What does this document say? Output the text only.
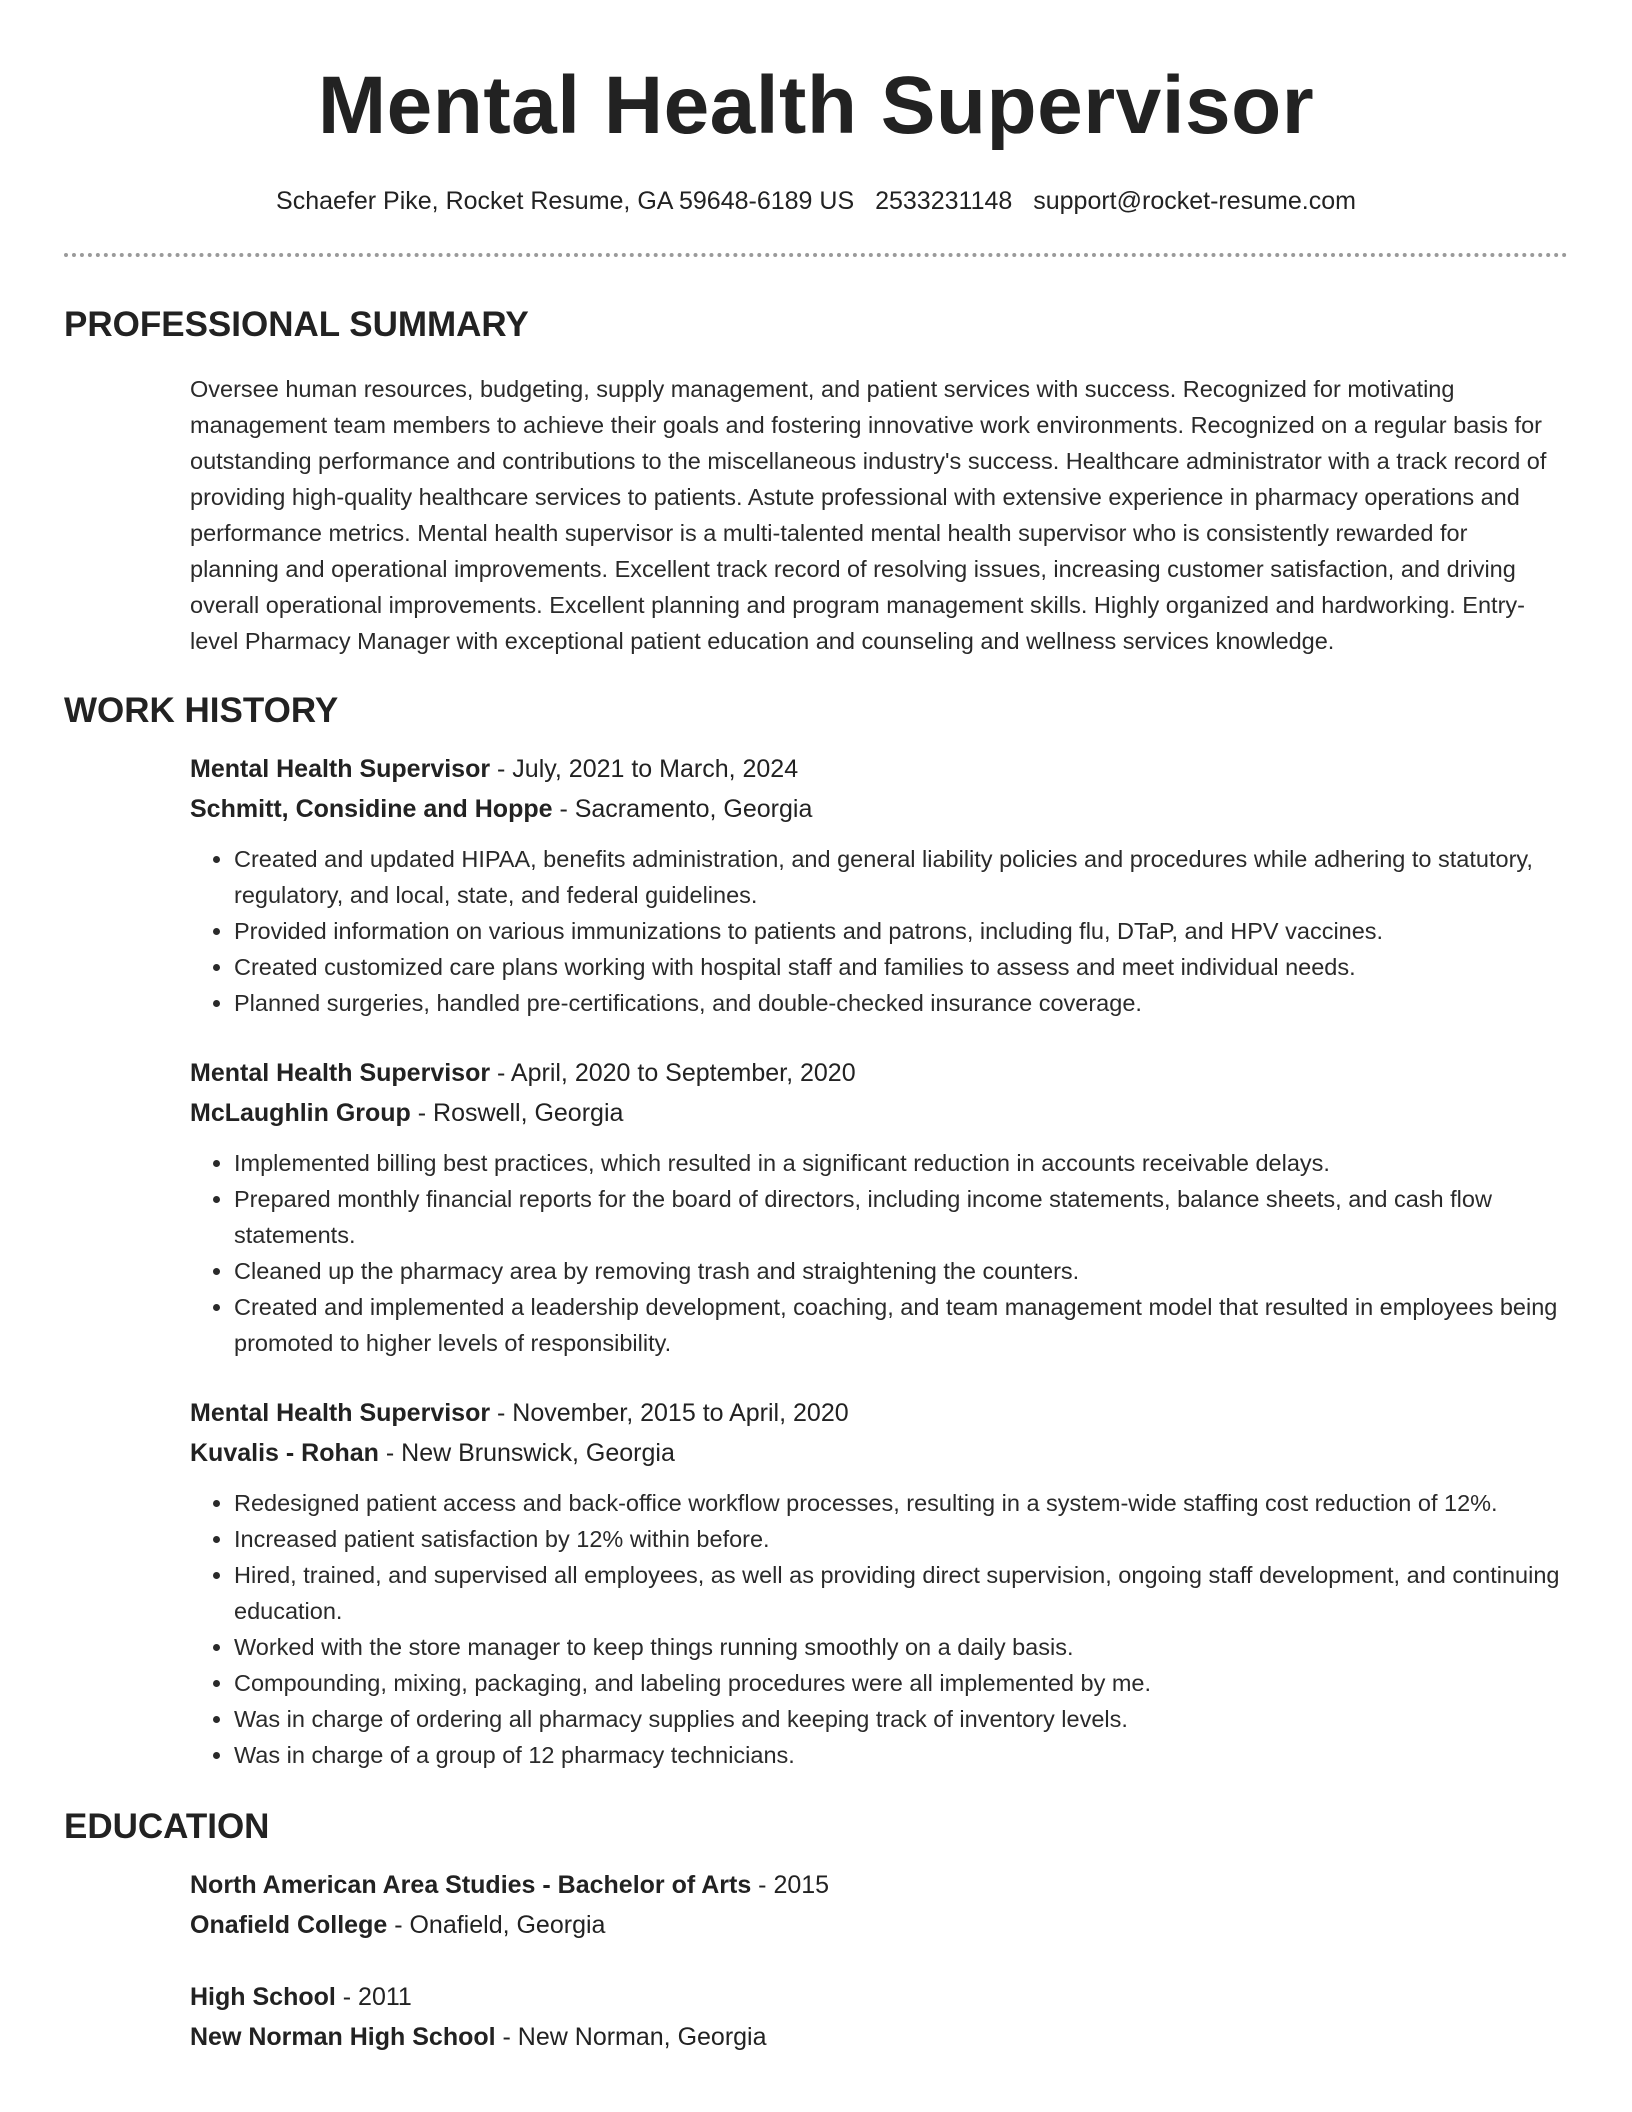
Mental Health Supervisor
Schaefer Pike, Rocket Resume, GA 59648-6189 US 2533231148 support@rocket-resume.com
PROFESSIONAL SUMMARY

Oversee human resources, budgeting, supply management, and patient services with success. Recognized for motivating management team members to achieve their goals and fostering innovative work environments. Recognized on a regular basis for outstanding performance and contributions to the miscellaneous industry's success. Healthcare administrator with a track record of providing high-quality healthcare services to patients. Astute professional with extensive experience in pharmacy operations and performance metrics. Mental health supervisor is a multi-talented mental health supervisor who is consistently rewarded for planning and operational improvements. Excellent track record of resolving issues, increasing customer satisfaction, and driving overall operational improvements. Excellent planning and program management skills. Highly organized and hardworking. Entry-level Pharmacy Manager with exceptional patient education and counseling and wellness services knowledge.

WORK HISTORY
Mental Health Supervisor - July, 2021 to March, 2024
Schmitt, Considine and Hoppe - Sacramento, Georgia
• Created and updated HIPAA, benefits administration, and general liability policies and procedures while adhering to statutory, regulatory, and local, state, and federal guidelines.
• Provided information on various immunizations to patients and patrons, including flu, DTaP, and HPV vaccines.
• Created customized care plans working with hospital staff and families to assess and meet individual needs.
• Planned surgeries, handled pre-certifications, and double-checked insurance coverage.
Mental Health Supervisor - April, 2020 to September, 2020
McLaughlin Group - Roswell, Georgia
• Implemented billing best practices, which resulted in a significant reduction in accounts receivable delays.
• Prepared monthly financial reports for the board of directors, including income statements, balance sheets, and cash flow statements.
• Cleaned up the pharmacy area by removing trash and straightening the counters.
• Created and implemented a leadership development, coaching, and team management model that resulted in employees being promoted to higher levels of responsibility.
Mental Health Supervisor - November, 2015 to April, 2020
Kuvalis - Rohan - New Brunswick, Georgia
• Redesigned patient access and back-office workflow processes, resulting in a system-wide staffing cost reduction of 12%.
• Increased patient satisfaction by 12% within before.
• Hired, trained, and supervised all employees, as well as providing direct supervision, ongoing staff development, and continuing education.
• Worked with the store manager to keep things running smoothly on a daily basis.
• Compounding, mixing, packaging, and labeling procedures were all implemented by me.
• Was in charge of ordering all pharmacy supplies and keeping track of inventory levels.
• Was in charge of a group of 12 pharmacy technicians.
EDUCATION
North American Area Studies - Bachelor of Arts - 2015
Onafield College - Onafield, Georgia
High School - 2011
New Norman High School - New Norman, Georgia
